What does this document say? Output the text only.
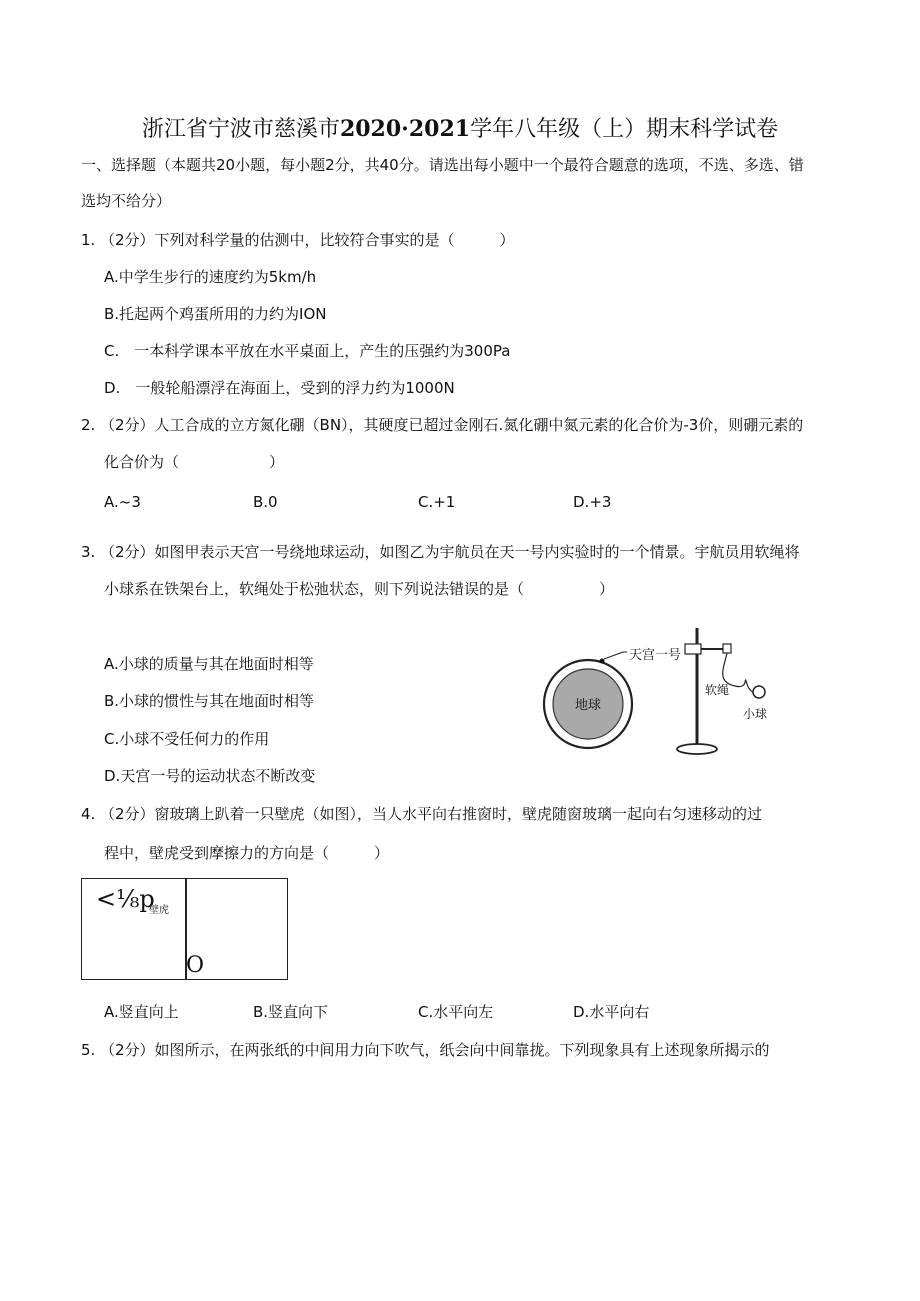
浙江省宁波市慈溪市2020·2021学年八年级（上）期末科学试卷
一、选择题（本题共20小题，每小题2分，共40分。请选出每小题中一个最符合题意的选项，不选、多选、错
选均不给分）
1. （2分）下列对科学量的估测中，比较符合事实的是（　　　）
A.中学生步行的速度约为5km/h
B.托起两个鸡蛋所用的力约为ION
C.　一本科学课本平放在水平桌面上，产生的压强约为300Pa
D.　一般轮船漂浮在海面上，受到的浮力约为1000N
2. （2分）人工合成的立方氮化硼（BN），其硬度已超过金刚石.氮化硼中氮元素的化合价为-3价，则硼元素的
化合价为（　　　　　　）
A.~3	B.0	C.+1	D.+3
3. （2分）如图甲表示天宫一号绕地球运动，如图乙为宇航员在天一号内实验时的一个情景。宇航员用软绳将
小球系在铁架台上，软绳处于松弛状态，则下列说法错误的是（　　　　　）
A.小球的质量与其在地面时相等
B.小球的惯性与其在地面时相等
C.小球不受任何力的作用
D.天宫一号的运动状态不断改变
地球
天宫一号
软绳
小球
4. （2分）窗玻璃上趴着一只壁虎（如图），当人水平向右推窗时，壁虎随窗玻璃一起向右匀速移动的过
程中，壁虎受到摩擦力的方向是（　　　）
<⅛p
壁虎
O
A.竖直向上	B.竖直向下	C.水平向左	D.水平向右
5. （2分）如图所示，在两张纸的中间用力向下吹气，纸会向中间靠拢。下列现象具有上述现象所揭示的
